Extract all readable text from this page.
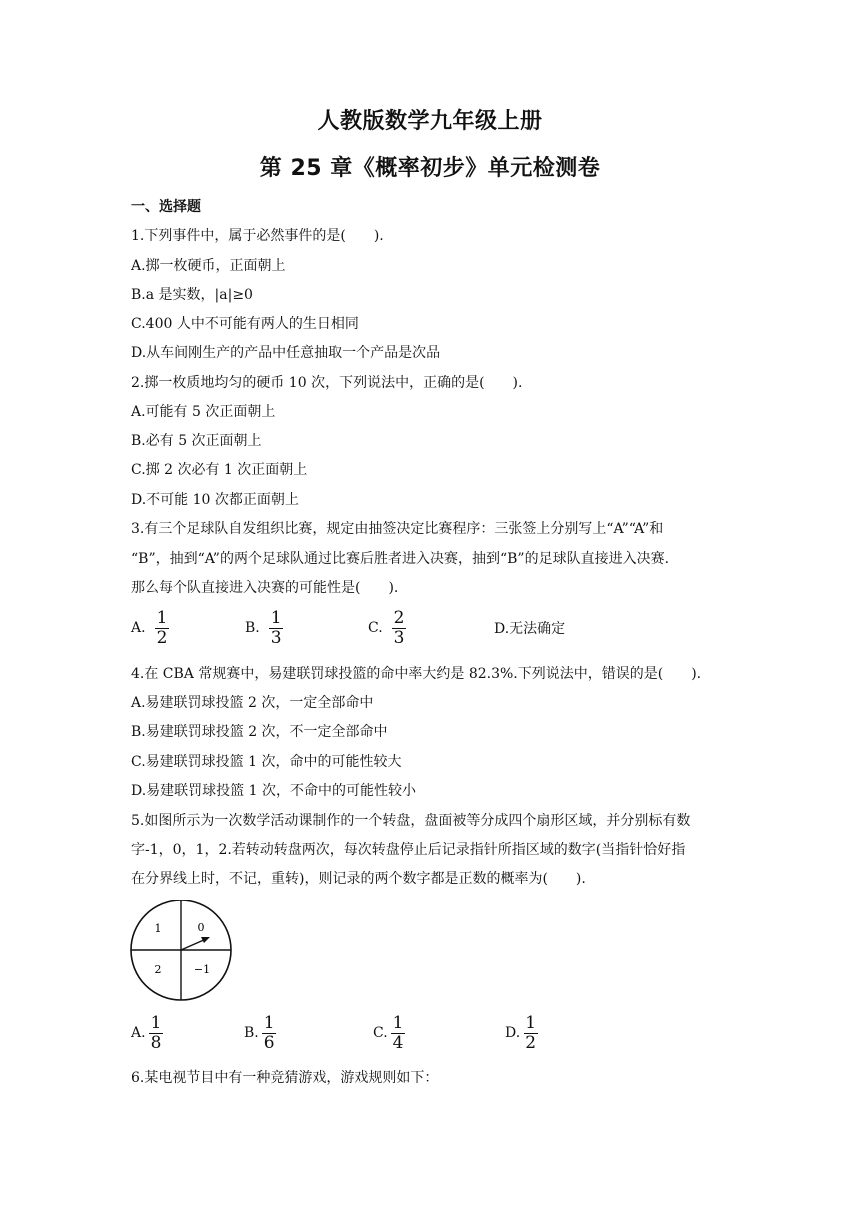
人教版数学九年级上册
第 25 章《概率初步》单元检测卷
一、选择题
1.下列事件中，属于必然事件的是(　　).
A.掷一枚硬币，正面朝上
B.a 是实数，|a|≥0
C.400 人中不可能有两人的生日相同
D.从车间刚生产的产品中任意抽取一个产品是次品
2.掷一枚质地均匀的硬币 10 次，下列说法中，正确的是(　　).
A.可能有 5 次正面朝上
B.必有 5 次正面朝上
C.掷 2 次必有 1 次正面朝上
D.不可能 10 次都正面朝上
3.有三个足球队自发组织比赛，规定由抽签决定比赛程序：三张签上分别写上“A”“A”和
“B”，抽到“A”的两个足球队通过比赛后胜者进入决赛，抽到“B”的足球队直接进入决赛.
那么每个队直接进入决赛的可能性是(　　).
A. $\frac{1}{2}$	B. $\frac{1}{3}$	C. $\frac{2}{3}$	D.无法确定
4.在 CBA 常规赛中，易建联罚球投篮的命中率大约是 82.3%.下列说法中，错误的是(　　).
A.易建联罚球投篮 2 次，一定全部命中
B.易建联罚球投篮 2 次，不一定全部命中
C.易建联罚球投篮 1 次，命中的可能性较大
D.易建联罚球投篮 1 次，不命中的可能性较小
5.如图所示为一次数学活动课制作的一个转盘，盘面被等分成四个扇形区域，并分别标有数
字-1，0，1，2.若转动转盘两次，每次转盘停止后记录指针所指区域的数字(当指针恰好指
在分界线上时，不记，重转)，则记录的两个数字都是正数的概率为(　　).
1	0
2	−1
A. $\frac{1}{8}$	B. $\frac{1}{6}$	C. $\frac{1}{4}$	D. $\frac{1}{2}$
6.某电视节目中有一种竞猜游戏，游戏规则如下：
